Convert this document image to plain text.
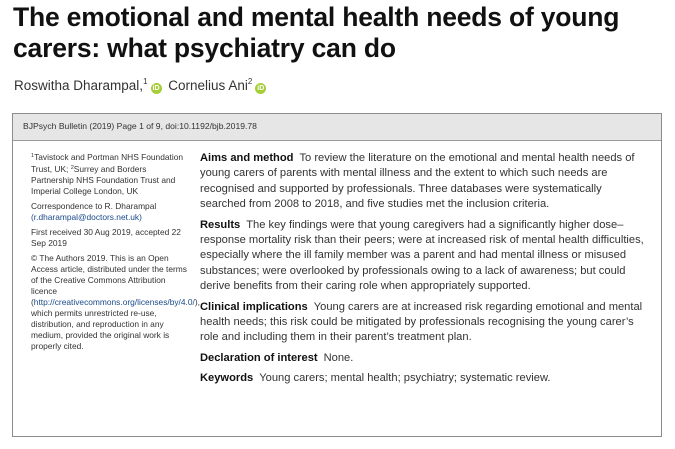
The emotional and mental health needs of young carers: what psychiatry can do
Roswitha Dharampal,$^1$iD Cornelius Ani$^2$iD
BJPsych Bulletin (2019) Page 1 of 9, doi:10.1192/bjb.2019.78

$^1$Tavistock and Portman NHS Foundation Trust, UK; $^2$Surrey and Borders Partnership NHS Foundation Trust and Imperial College London, UK

Correspondence to R. Dharampal
(r.dharampal@doctors.net.uk)

First received 30 Aug 2019, accepted 22 Sep 2019

© The Authors 2019. This is an Open Access article, distributed under the terms of the Creative Commons Attribution licence (http://creativecommons.org/licenses/by/4.0/), which permits unrestricted re-use, distribution, and reproduction in any medium, provided the original work is properly cited.

Aims and method To review the literature on the emotional and mental health needs of young carers of parents with mental illness and the extent to which such needs are recognised and supported by professionals. Three databases were systematically searched from 2008 to 2018, and five studies met the inclusion criteria.

Results The key findings were that young caregivers had a significantly higher dose–response mortality risk than their peers; were at increased risk of mental health difficulties, especially where the ill family member was a parent and had mental illness or misused substances; were overlooked by professionals owing to a lack of awareness; but could derive benefits from their caring role when appropriately supported.

Clinical implications Young carers are at increased risk regarding emotional and mental health needs; this risk could be mitigated by professionals recognising the young carer’s role and including them in their parent’s treatment plan.

Declaration of interest None.

Keywords Young carers; mental health; psychiatry; systematic review.
